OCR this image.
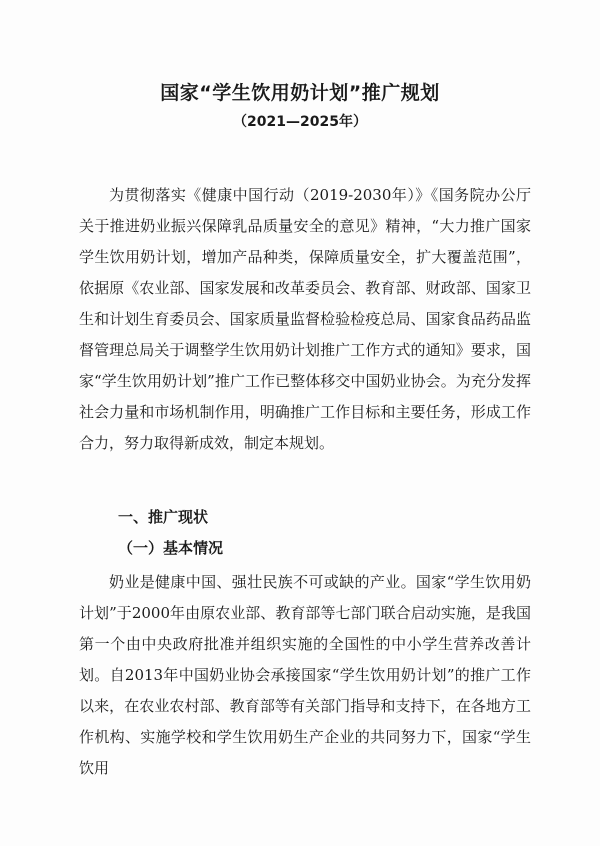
国家“学生饮用奶计划”推广规划
（2021—2025年）

为贯彻落实《健康中国行动（2019-2030年）》《国务院办公厅关于推进奶业振兴保障乳品质量安全的意见》精神，“大力推广国家学生饮用奶计划，增加产品种类，保障质量安全，扩大覆盖范围”，依据原《农业部、国家发展和改革委员会、教育部、财政部、国家卫生和计划生育委员会、国家质量监督检验检疫总局、国家食品药品监督管理总局关于调整学生饮用奶计划推广工作方式的通知》要求，国家“学生饮用奶计划”推广工作已整体移交中国奶业协会。为充分发挥社会力量和市场机制作用，明确推广工作目标和主要任务，形成工作合力，努力取得新成效，制定本规划。

一、推广现状
（一）基本情况

奶业是健康中国、强壮民族不可或缺的产业。国家“学生饮用奶计划”于2000年由原农业部、教育部等七部门联合启动实施，是我国第一个由中央政府批准并组织实施的全国性的中小学生营养改善计划。自2013年中国奶业协会承接国家“学生饮用奶计划”的推广工作以来，在农业农村部、教育部等有关部门指导和支持下，在各地方工作机构、实施学校和学生饮用奶生产企业的共同努力下，国家“学生饮用
